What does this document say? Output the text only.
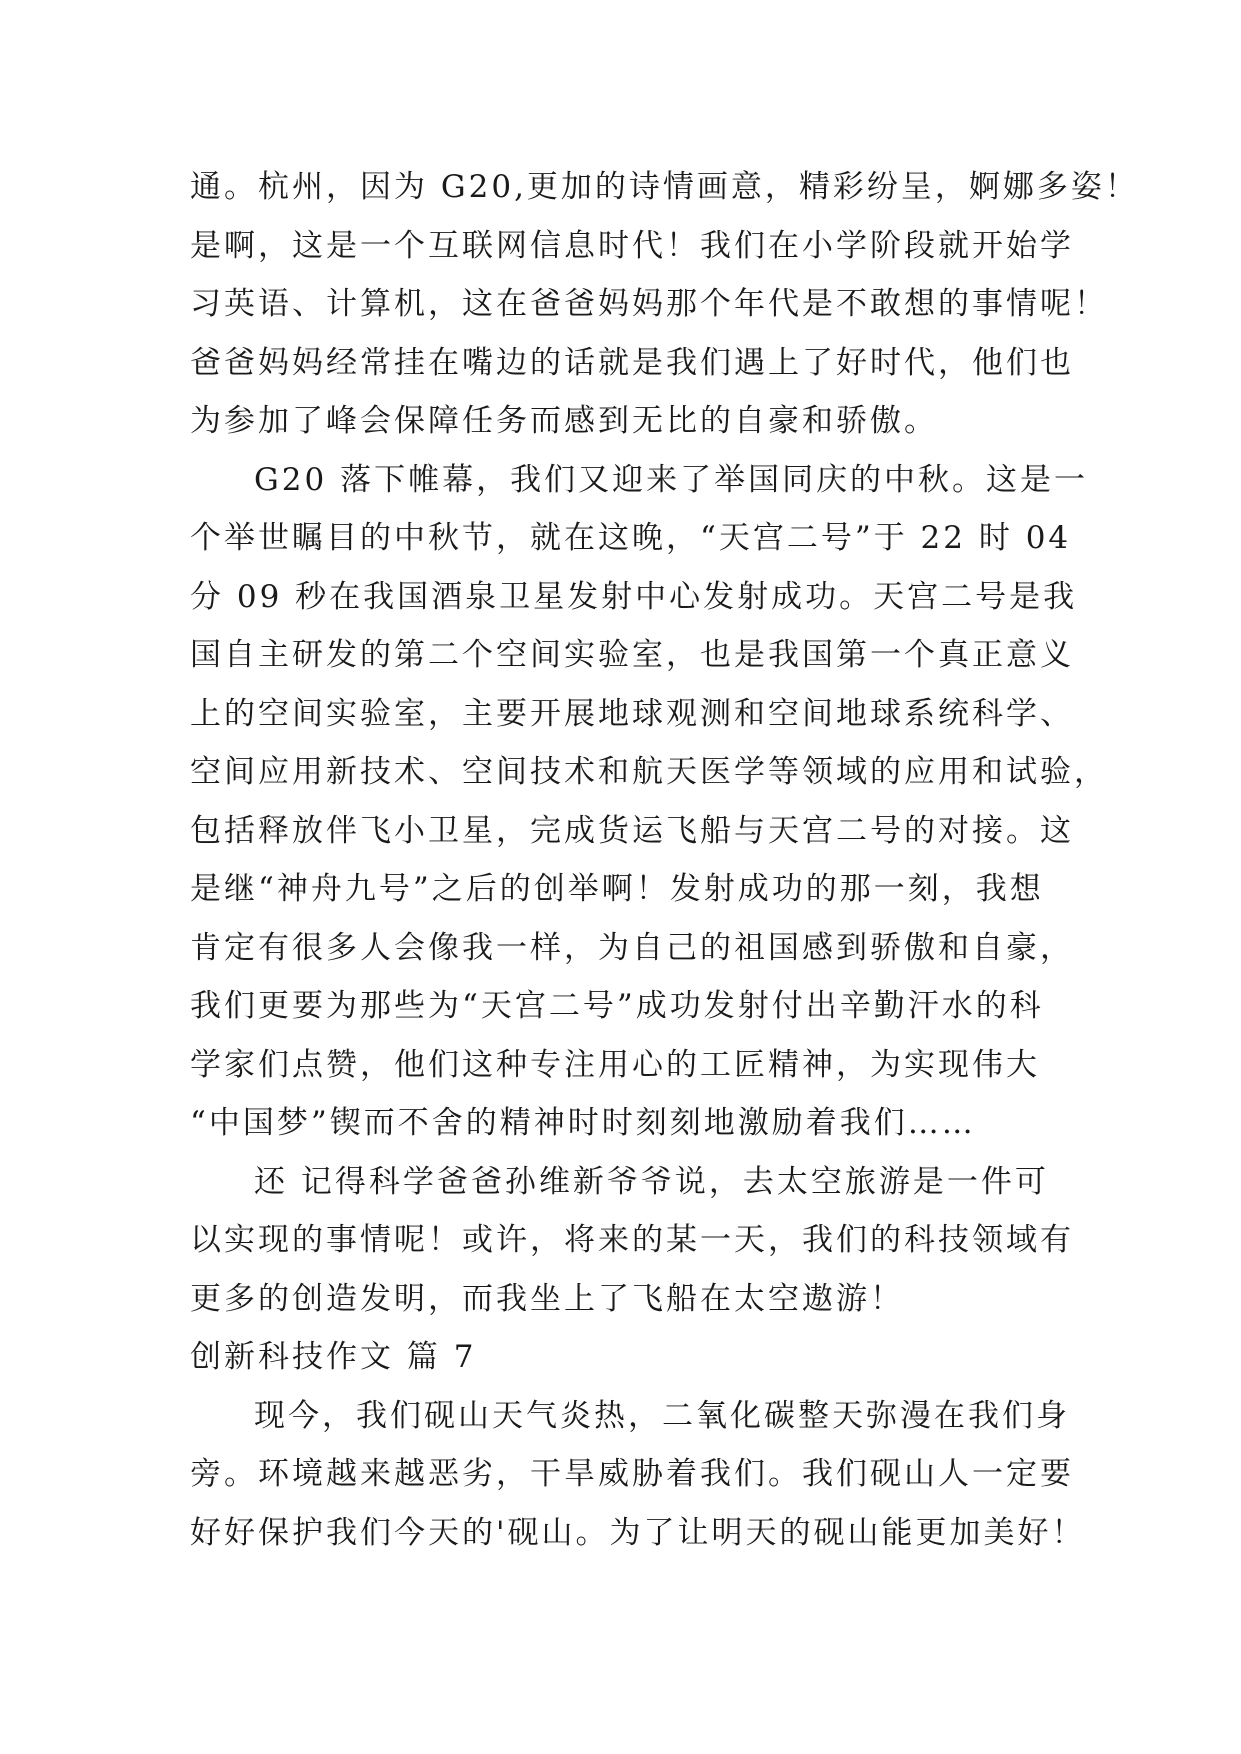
通。杭州，因为 G20,更加的诗情画意，精彩纷呈，婀娜多姿！
是啊，这是一个互联网信息时代！我们在小学阶段就开始学
习英语、计算机，这在爸爸妈妈那个年代是不敢想的事情呢！
爸爸妈妈经常挂在嘴边的话就是我们遇上了好时代，他们也
为参加了峰会保障任务而感到无比的自豪和骄傲。
G20 落下帷幕，我们又迎来了举国同庆的中秋。这是一
个举世瞩目的中秋节，就在这晚，“天宫二号”于 22 时 04
分 09 秒在我国酒泉卫星发射中心发射成功。天宫二号是我
国自主研发的第二个空间实验室，也是我国第一个真正意义
上的空间实验室，主要开展地球观测和空间地球系统科学、
空间应用新技术、空间技术和航天医学等领域的应用和试验，
包括释放伴飞小卫星，完成货运飞船与天宫二号的对接。这
是继“神舟九号”之后的创举啊！发射成功的那一刻，我想
肯定有很多人会像我一样，为自己的祖国感到骄傲和自豪，
我们更要为那些为“天宫二号”成功发射付出辛勤汗水的科
学家们点赞，他们这种专注用心的工匠精神，为实现伟大
“中国梦”锲而不舍的精神时时刻刻地激励着我们……
还 记得科学爸爸孙维新爷爷说，去太空旅游是一件可
以实现的事情呢！或许，将来的某一天，我们的科技领域有
更多的创造发明，而我坐上了飞船在太空遨游！
创新科技作文 篇 7
现今，我们砚山天气炎热，二氧化碳整天弥漫在我们身
旁。环境越来越恶劣，干旱威胁着我们。我们砚山人一定要
好好保护我们今天的'砚山。为了让明天的砚山能更加美好！
